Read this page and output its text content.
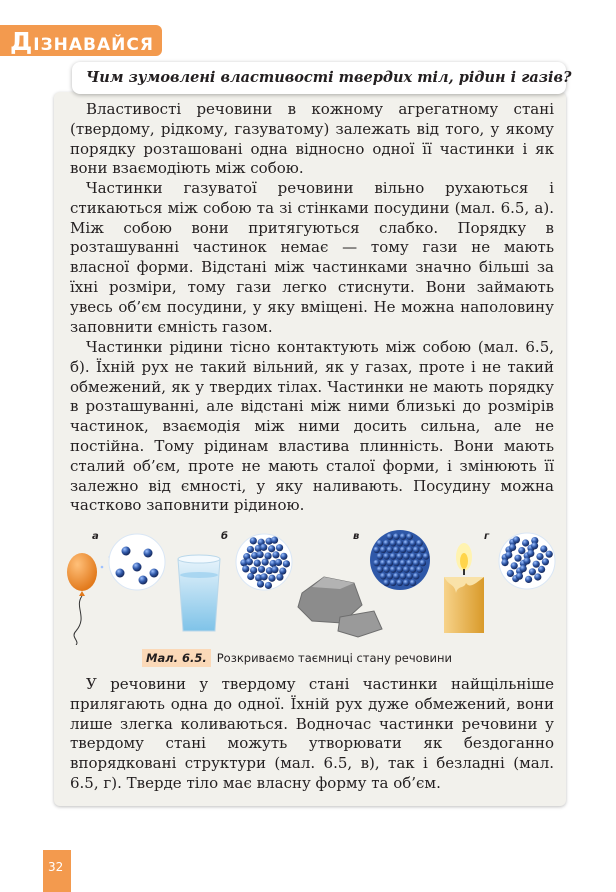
ДІЗНАВАЙСЯ
Чим зумовлені властивості твердих тіл, рідин і газів?

Властивості речовини в кожному агрегатному стані (твердому, рідкому, газуватому) залежать від того, у якому порядку розташовані одна відносно одної її частинки і як вони взаємодіють між собою.

Частинки газуватої речовини вільно рухаються і стикаються між собою та зі стінками посудини (мал. 6.5, а). Між собою вони притягуються слабко. Порядку в розташуванні частинок немає — тому гази не мають власної форми. Відстані між частинками значно більші за їхні розміри, тому гази легко стиснути. Вони займають увесь об’єм посудини, у яку вміщені. Не можна наполовину заповнити ємність газом.

Частинки рідини тісно контактують між собою (мал. 6.5, б). Їхній рух не такий вільний, як у газах, проте і не такий обмежений, як у твердих тілах. Частинки не мають порядку в розташуванні, але відстані між ними близькі до розмірів частинок, взаємодія між ними досить сильна, але не постійна. Тому рідинам властива плинність. Вони мають сталий об’єм, проте не мають сталої форми, і змінюють її залежно від ємності, у яку наливають. Посудину можна частково заповнити рідиною.

а	б	в	г
Мал. 6.5. Розкриваємо таємниці стану речовини

У речовини у твердому стані частинки найщільніше прилягають одна до одної. Їхній рух дуже обмежений, вони лише злегка коливаються. Водночас частинки речовини у твердому стані можуть утворювати як бездоганно впорядковані структури (мал. 6.5, в), так і безладні (мал. 6.5, г). Тверде тіло має власну форму та об’єм.

32
